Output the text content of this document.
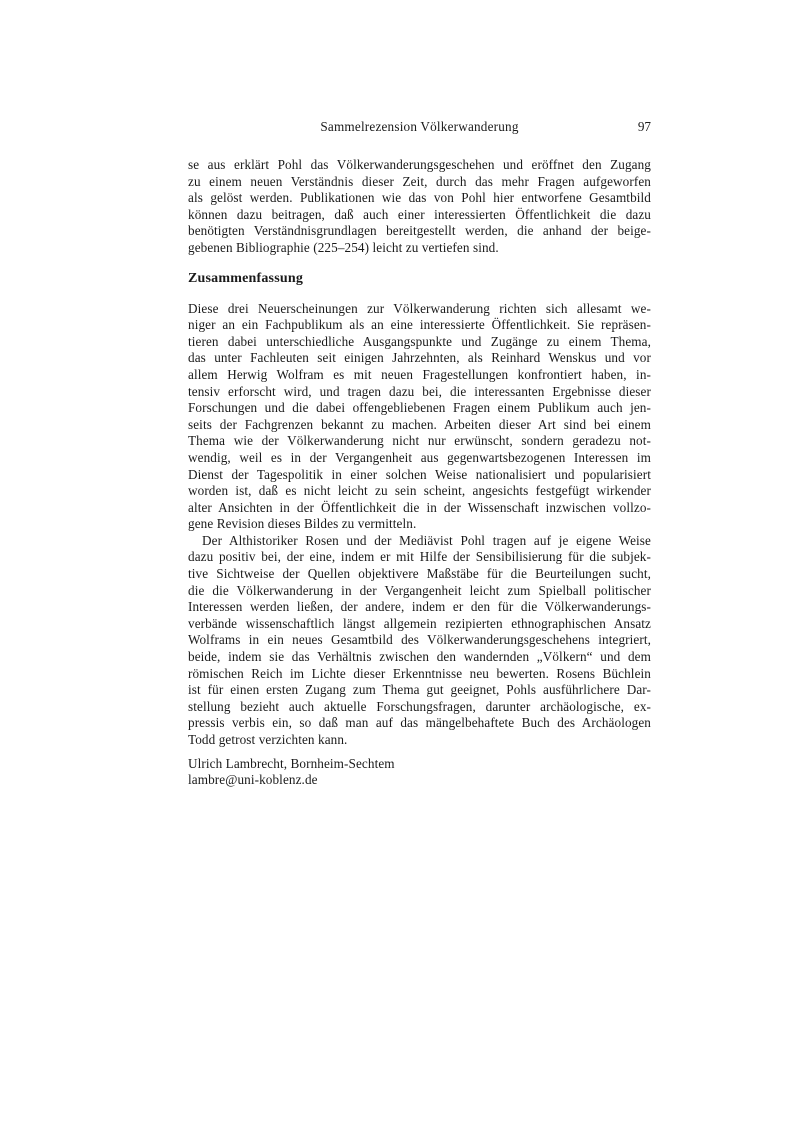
Sammelrezension Völkerwanderung	97
se aus erklärt Pohl das Völkerwanderungsgeschehen und eröffnet den Zugang
zu einem neuen Verständnis dieser Zeit, durch das mehr Fragen aufgeworfen
als gelöst werden. Publikationen wie das von Pohl hier entworfene Gesamtbild
können dazu beitragen, daß auch einer interessierten Öffentlichkeit die dazu
benötigten Verständnisgrundlagen bereitgestellt werden, die anhand der beige-
gebenen Bibliographie (225–254) leicht zu vertiefen sind.
Zusammenfassung
Diese drei Neuerscheinungen zur Völkerwanderung richten sich allesamt we-
niger an ein Fachpublikum als an eine interessierte Öffentlichkeit. Sie repräsen-
tieren dabei unterschiedliche Ausgangspunkte und Zugänge zu einem Thema,
das unter Fachleuten seit einigen Jahrzehnten, als Reinhard Wenskus und vor
allem Herwig Wolfram es mit neuen Fragestellungen konfrontiert haben, in-
tensiv erforscht wird, und tragen dazu bei, die interessanten Ergebnisse dieser
Forschungen und die dabei offengebliebenen Fragen einem Publikum auch jen-
seits der Fachgrenzen bekannt zu machen. Arbeiten dieser Art sind bei einem
Thema wie der Völkerwanderung nicht nur erwünscht, sondern geradezu not-
wendig, weil es in der Vergangenheit aus gegenwartsbezogenen Interessen im
Dienst der Tagespolitik in einer solchen Weise nationalisiert und popularisiert
worden ist, daß es nicht leicht zu sein scheint, angesichts festgefügt wirkender
alter Ansichten in der Öffentlichkeit die in der Wissenschaft inzwischen vollzo-
gene Revision dieses Bildes zu vermitteln.
Der Althistoriker Rosen und der Mediävist Pohl tragen auf je eigene Weise
dazu positiv bei, der eine, indem er mit Hilfe der Sensibilisierung für die subjek-
tive Sichtweise der Quellen objektivere Maßstäbe für die Beurteilungen sucht,
die die Völkerwanderung in der Vergangenheit leicht zum Spielball politischer
Interessen werden ließen, der andere, indem er den für die Völkerwanderungs-
verbände wissenschaftlich längst allgemein rezipierten ethnographischen Ansatz
Wolframs in ein neues Gesamtbild des Völkerwanderungsgeschehens integriert,
beide, indem sie das Verhältnis zwischen den wandernden „Völkern“ und dem
römischen Reich im Lichte dieser Erkenntnisse neu bewerten. Rosens Büchlein
ist für einen ersten Zugang zum Thema gut geeignet, Pohls ausführlichere Dar-
stellung bezieht auch aktuelle Forschungsfragen, darunter archäologische, ex-
pressis verbis ein, so daß man auf das mängelbehaftete Buch des Archäologen
Todd getrost verzichten kann.
Ulrich Lambrecht, Bornheim-Sechtem
lambre@uni-koblenz.de
